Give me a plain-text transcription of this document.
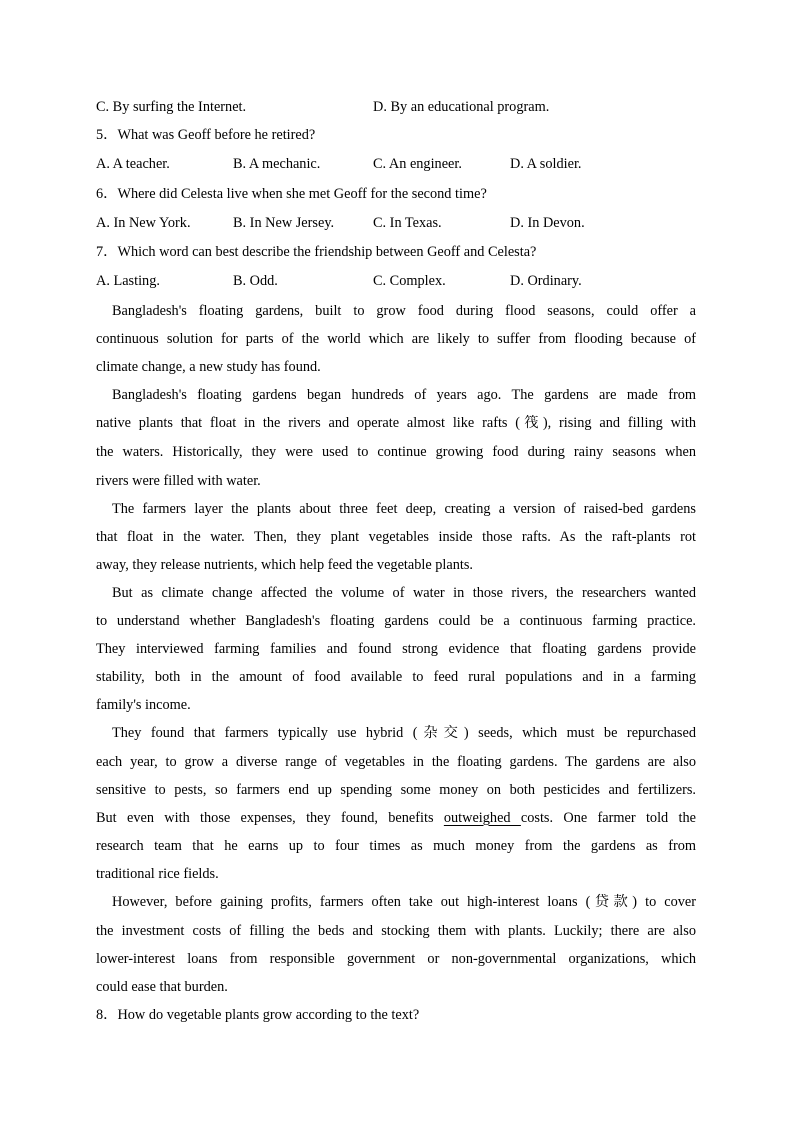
C. By surfing the Internet.	D. By an educational program.
5．What was Geoff before he retired?
A. A teacher.	B. A mechanic.	C. An engineer.	D. A soldier.
6．Where did Celesta live when she met Geoff for the second time?
A. In New York.	B. In New Jersey.	C. In Texas.	D. In Devon.
7．Which word can best describe the friendship between Geoff and Celesta?
A. Lasting.	B. Odd.	C. Complex.	D. Ordinary.
Bangladesh's floating gardens, built to grow food during flood seasons, could offer a
continuous solution for parts of the world which are likely to suffer from flooding because of
climate change, a new study has found.
Bangladesh's floating gardens began hundreds of years ago. The gardens are made from
native plants that float in the rivers and operate almost like rafts (筏), rising and filling with
the waters. Historically, they were used to continue growing food during rainy seasons when
rivers were filled with water.
The farmers layer the plants about three feet deep, creating a version of raised-bed gardens
that float in the water. Then, they plant vegetables inside those rafts. As the raft-plants rot
away, they release nutrients, which help feed the vegetable plants.
But as climate change affected the volume of water in those rivers, the researchers wanted
to understand whether Bangladesh's floating gardens could be a continuous farming practice.
They interviewed farming families and found strong evidence that floating gardens provide
stability, both in the amount of food available to feed rural populations and in a farming
family's income.
They found that farmers typically use hybrid (杂交) seeds, which must be repurchased
each year, to grow a diverse range of vegetables in the floating gardens. The gardens are also
sensitive to pests, so farmers end up spending some money on both pesticides and fertilizers.
But even with those expenses, they found, benefits outweighed costs. One farmer told the
research team that he earns up to four times as much money from the gardens as from
traditional rice fields.
However, before gaining profits, farmers often take out high-interest loans (贷款) to cover
the investment costs of filling the beds and stocking them with plants. Luckily; there are also
lower-interest loans from responsible government or non-governmental organizations, which
could ease that burden.
8．How do vegetable plants grow according to the text?
